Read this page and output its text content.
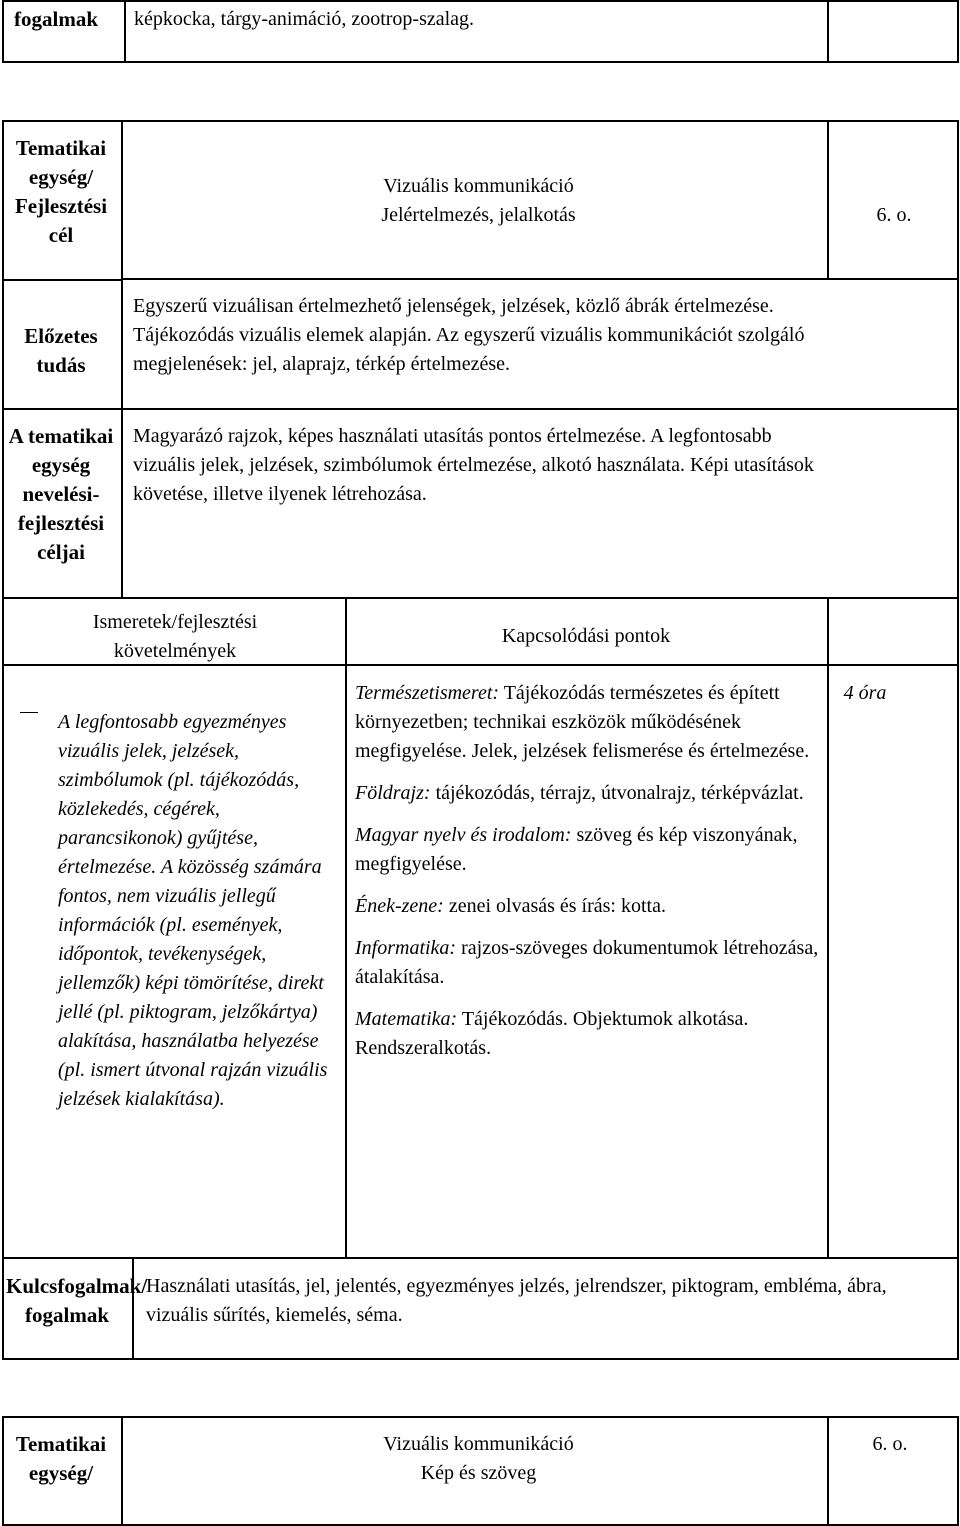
fogalmak	képkocka, tárgy-animáció, zootrop-szalag.
Tematikai egység/ Fejlesztési cél

Vizuális kommunikáció

Jelértelmezés, jelalkotás	6. o.
Előzetes tudás
Egyszerű vizuálisan értelmezhető jelenségek, jelzések, közlő ábrák értelmezése. Tájékozódás vizuális elemek alapján. Az egyszerű vizuális kommunikációt szolgáló megjelenések: jel, alaprajz, térkép értelmezése.
A tematikai egység nevelési-fejlesztési céljai
Magyarázó rajzok, képes használati utasítás pontos értelmezése. A legfontosabb vizuális jelek, jelzések, szimbólumok értelmezése, alkotó használata. Képi utasítások követése, illetve ilyenek létrehozása.
Ismeretek/fejlesztési követelmények
Kapcsolódási pontok
A legfontosabb egyezményes vizuális jelek, jelzések, szimbólumok (pl. tájékozódás, közlekedés, cégérek, parancsikonok) gyűjtése, értelmezése. A közösség számára fontos, nem vizuális jellegű információk (pl. események, időpontok, tevékenységek, jellemzők) képi tömörítése, direkt jellé (pl. piktogram, jelzőkártya) alakítása, használatba helyezése (pl. ismert útvonal rajzán vizuális jelzések kialakítása).

Természetismeret: Tájékozódás természetes és épített környezetben; technikai eszközök működésének megfigyelése. Jelek, jelzések felismerése és értelmezése.

Földrajz: tájékozódás, térrajz, útvonalrajz, térképvázlat.

Magyar nyelv és irodalom: szöveg és kép viszonyának, megfigyelése.

Ének-zene: zenei olvasás és írás: kotta.

Informatika: rajzos-szöveges dokumentumok létrehozása, átalakítása.

Matematika: Tájékozódás. Objektumok alkotása. Rendszeralkotás.

4 óra
Kulcsfogalmak/ fogalmak
Használati utasítás, jel, jelentés, egyezményes jelzés, jelrendszer, piktogram, embléma, ábra, vizuális sűrítés, kiemelés, séma.
Tematikai egység/

Vizuális kommunikáció

Kép és szöveg

6. o.
